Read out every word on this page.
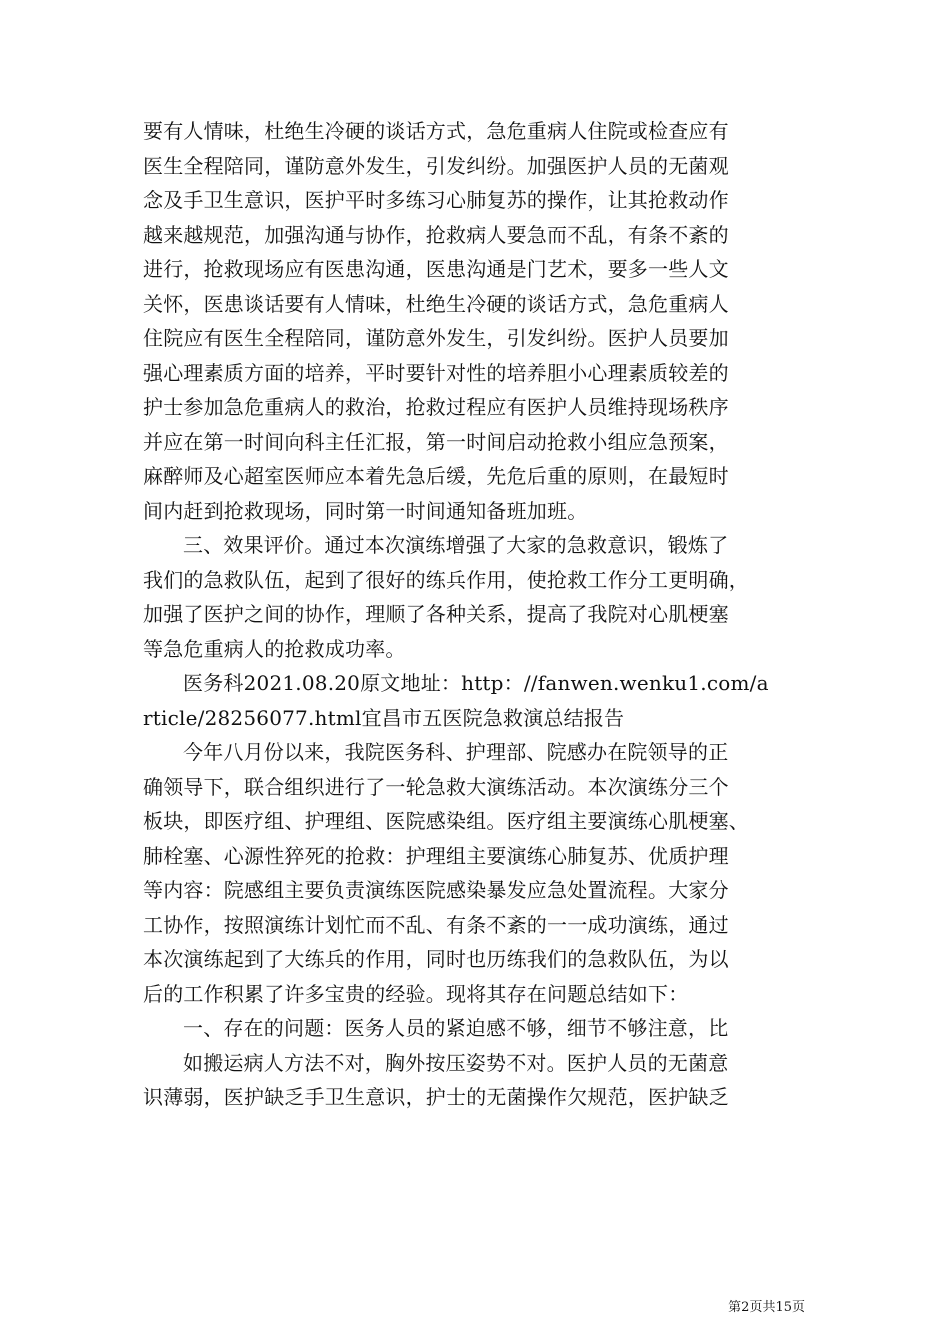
要有人情味，杜绝生冷硬的谈话方式，急危重病人住院或检查应有
医生全程陪同，谨防意外发生，引发纠纷。加强医护人员的无菌观
念及手卫生意识，医护平时多练习心肺复苏的操作，让其抢救动作
越来越规范，加强沟通与协作，抢救病人要急而不乱，有条不紊的
进行，抢救现场应有医患沟通，医患沟通是门艺术，要多一些人文
关怀，医患谈话要有人情味，杜绝生冷硬的谈话方式，急危重病人
住院应有医生全程陪同，谨防意外发生，引发纠纷。医护人员要加
强心理素质方面的培养，平时要针对性的培养胆小心理素质较差的
护士参加急危重病人的救治，抢救过程应有医护人员维持现场秩序
并应在第一时间向科主任汇报，第一时间启动抢救小组应急预案，
麻醉师及心超室医师应本着先急后缓，先危后重的原则，在最短时
间内赶到抢救现场，同时第一时间通知备班加班。
三、效果评价。通过本次演练增强了大家的急救意识，锻炼了
我们的急救队伍，起到了很好的练兵作用，使抢救工作分工更明确，
加强了医护之间的协作，理顺了各种关系，提高了我院对心肌梗塞
等急危重病人的抢救成功率。
医务科2021.08.20原文地址：http：//fanwen.wenku1.com/a
rticle/28256077.html宜昌市五医院急救演总结报告
今年八月份以来，我院医务科、护理部、院感办在院领导的正
确领导下，联合组织进行了一轮急救大演练活动。本次演练分三个
板块，即医疗组、护理组、医院感染组。医疗组主要演练心肌梗塞、
肺栓塞、心源性猝死的抢救：护理组主要演练心肺复苏、优质护理
等内容：院感组主要负责演练医院感染暴发应急处置流程。大家分
工协作，按照演练计划忙而不乱、有条不紊的一一成功演练，通过
本次演练起到了大练兵的作用，同时也历练我们的急救队伍，为以
后的工作积累了许多宝贵的经验。现将其存在问题总结如下：
一、存在的问题：医务人员的紧迫感不够，细节不够注意，比
如搬运病人方法不对，胸外按压姿势不对。医护人员的无菌意
识薄弱，医护缺乏手卫生意识，护士的无菌操作欠规范，医护缺乏
第2页共15页
